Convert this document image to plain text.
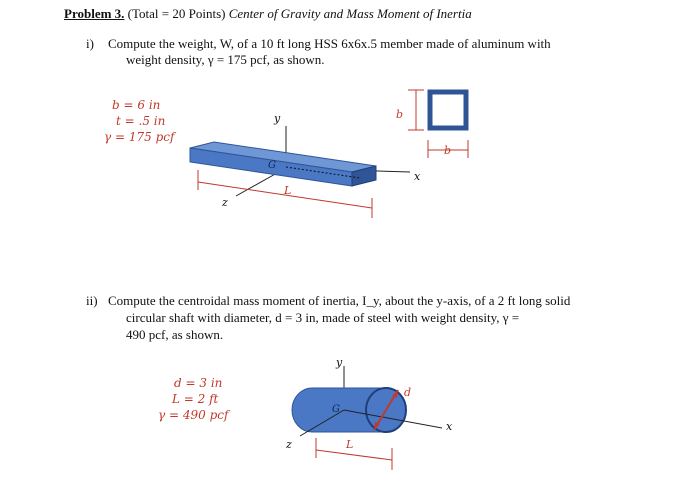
Problem 3. (Total = 20 Points) Center of Gravity and Mass Moment of Inertia
i) Compute the weight, W, of a 10 ft long HSS 6x6x.5 member made of aluminum with
weight density, γ = 175 pcf, as shown.
b = 6 in
t = .5 in
γ = 175 pcf
y
x
z
G
L
b
b
ii) Compute the centroidal mass moment of inertia, I_y, about the y-axis, of a 2 ft long solid
circular shaft with diameter, d = 3 in, made of steel with weight density, γ =
490 pcf, as shown.
d = 3 in
L = 2 ft
γ = 490 pcf
y
x
z
G
L
d
